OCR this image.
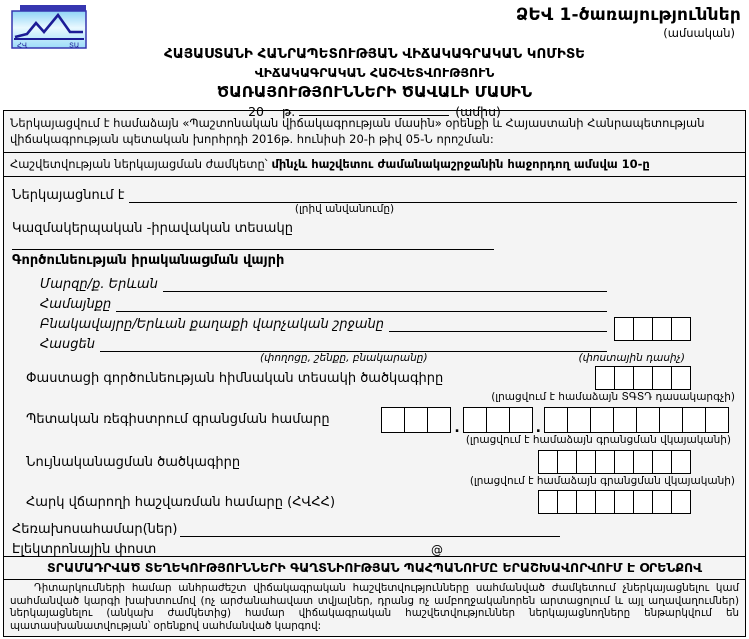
ՀՎ	ՏԱ
ՁԵՎ 1-ծառայություններ
(ամսական)
ՀԱՅԱՍՏԱՆԻ ՀԱՆՐԱՊԵՏՈՒԹՅԱՆ ՎԻՃԱԿԱԳՐԱԿԱՆ ԿՈՄԻՏԵ
ՎԻՃԱԿԱԳՐԱԿԱՆ ՀԱՇՎԵՏՎՈՒԹՅՈՒՆ
ԾԱՌԱՅՈՒԹՅՈՒՆՆԵՐԻ ԾԱՎԱԼԻ ՄԱՍԻՆ
20 թ.	(ամիս)
Ներկայացվում է համաձայն «Պաշտոնական վիճակագրության մասին» օրենքի և Հայաստանի Հանրապետության վիճակագրության պետական խորհրդի 2016թ. հունիսի 20-ի թիվ 05-Ն որոշման:
Հաշվետվության ներկայացման ժամկետը՝ մինչև հաշվետու ժամանակաշրջանին հաջորդող ամսվա 10-ը
Ներկայացնում է
(լրիվ անվանումը)
Կազմակերպական -իրավական տեսակը
Գործունեության իրականացման վայրի
Մարզը/ք. Երևան
Համայնքը
Բնակավայրը/Երևան քաղաքի վարչական շրջանը
Հասցեն
(փողոցը, շենքը, բնակարանը)	(փոստային դասիչ)
Փաստացի գործունեության հիմնական տեսակի ծածկագիրը
(լրացվում է համաձայն ՏԳՏԴ դասակարգչի)
Պետական ռեգիստրում գրանցման համարը
.	.
(լրացվում է համաձայն գրանցման վկայականի)
Նույնականացման ծածկագիրը
(լրացվում է համաձայն գրանցման վկայականի)
Հարկ վճարողի հաշվառման համարը (ՀՎՀՀ)
Հեռախոսահամար(ներ)
Էլեկտրոնային փոստ	@
ՏՐԱՄԱԴՐՎԱԾ ՏԵՂԵԿՈՒԹՅՈՒՆՆԵՐԻ ԳԱՂՏՆԻՈՒԹՅԱՆ ՊԱՀՊԱՆՈՒՄԸ ԵՐԱՇԽԱՎՈՐՎՈՒՄ Է ՕՐԵՆՔՈՎ
Դիտարկումների համար անհրաժեշտ վիճակագրական հաշվետվությունները սահմանված ժամկետում չներկայացնելու կամ սահմանված կարգի խախտումով (ոչ արժանահավատ տվյալներ, դրանց ոչ ամբողջականորեն արտացոլում և այլ աղավաղումներ) ներկայացնելու (անկախ ժամկետից) համար վիճակագրական հաշվետվություններ ներկայացնողները ենթարկվում են պատասխանատվության՝ օրենքով սահմանված կարգով:
